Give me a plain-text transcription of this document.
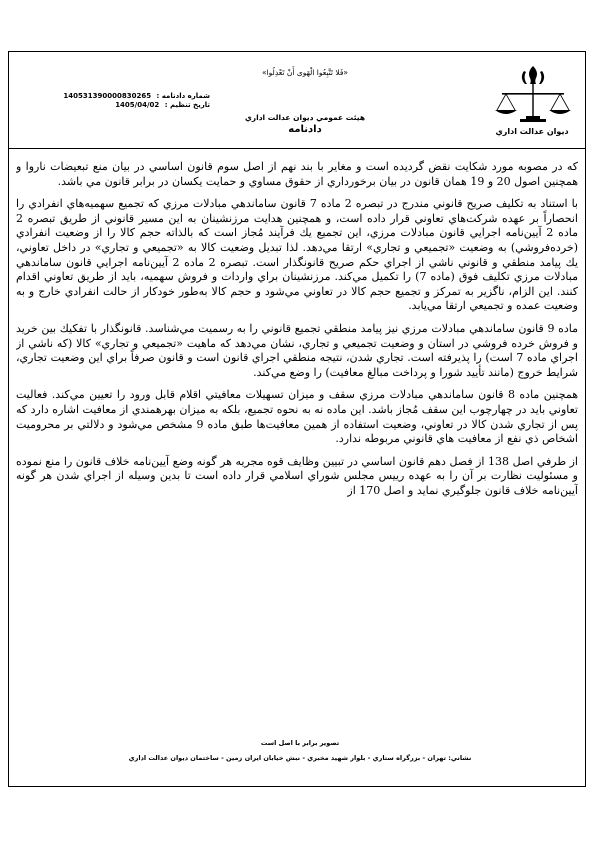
ديوان عدالت اداري
«فَلا تَتَّبِعُوا الْهَوى أَنْ تَعْدِلُوا»
هيئت عمومي ديوان عدالت اداري
دادنامه
شماره دادنامه : 140531390000830265
تاريخ تنظيم : 1405/04/02

كه در مصوبه مورد شكايت نقض گرديده است و مغاير با بند نهم از اصل سوم قانون اساسي در بيان منع تبعيضات ناروا و همچنين اصول 20 و 19 همان قانون در بيان برخورداري از حقوق مساوي و حمايت يكسان در برابر قانون مي باشد.

با استناد به تكليف صريح قانوني مندرج در تبصره 2 ماده 7 قانون ساماندهي مبادلات مرزي كه تجميع سهميه‌هاي انفرادي را انحصاراً بر عهده شركت‌هاي تعاوني قرار داده است، و همچنين هدايت مرزنشينان به اين مسير قانوني از طريق تبصره 2 ماده 2 آيين‌نامه اجرايي قانون مبادلات مرزي، اين تجميع يك فرآيند مُجاز است كه بالذاته حجم كالا را از وضعيت انفرادي (خرده‌فروشي) به وضعيت «تجميعي و تجاري» ارتقا مي‌دهد. لذا تبديل وضعيت كالا به «تجميعي و تجاري» در داخل تعاوني، يك پيامد منطقي و قانوني ناشي از اجراي حكم صريح قانونگذار است. تبصره 2 ماده 2 آيين‌نامه اجرايي قانون ساماندهي مبادلات مرزي تكليف فوق (ماده 7) را تكميل مي‌كند. مرزنشينان براي واردات و فروش سهميه، بايد از طريق تعاوني اقدام كنند. اين الزام، ناگزير به تمركز و تجميع حجم كالا در تعاوني مي‌شود و حجم كالا به‌طور خودكار از حالت انفرادي خارج و به وضعيت عمده و تجميعي ارتقا مي‌يابد.

ماده 9 قانون ساماندهي مبادلات مرزي نيز پيامد منطقي تجميع قانوني را به رسميت مي‌شناسد. قانونگذار با تفكيك بين خريد و فروش خرده فروشي در استان و وضعيت تجميعي و تجاري، نشان مي‌دهد كه ماهيت «تجميعي و تجاري» كالا (كه ناشي از اجراي ماده 7 است) را پذيرفته است. تجاري شدن، نتيجه منطقي اجراي قانون است و قانون صرفاً براي اين وضعيت تجاري، شرايط خروج (مانند تأييد شورا و پرداخت مبالغ معافيت) را وضع مي‌كند.

همچنين ماده 8 قانون ساماندهي مبادلات مرزي سقف و ميزان تسهيلات معافيتي اقلام قابل ورود را تعيين مي‌كند. فعاليت تعاوني بايد در چهارچوب اين سقف مُجاز باشد. اين ماده نه به نحوه تجميع، بلكه به ميزان بهرهمندي از معافيت اشاره دارد كه پس از تجاري شدن كالا در تعاوني، وضعيت استفاده از همين معافيت‌ها طبق ماده 9 مشخص مي‌شود و دلالتي بر محروميت اشخاص ذي نفع از معافيت هاي قانوني مربوطه ندارد.

از طرفي اصل 138 از فصل دهم قانون اساسي در تبيين وظايف قوه مجريه هر گونه وضع آيين‌نامه خلاف قانون را منع نموده و مسئوليت نظارت بر آن را به عهده رييس مجلس شوراي اسلامي قرار داده است تا بدين وسيله از اجراي شدن هر گونه آيين‌نامه خلاف قانون جلوگيري نمايد و اصل 170 از

تصوير برابر با اصل است
نشاني: تهران - بزرگراه ستاري - بلوار شهيد مخبري - نبش خيابان ايران زمين - ساختمان ديوان عدالت اداري
